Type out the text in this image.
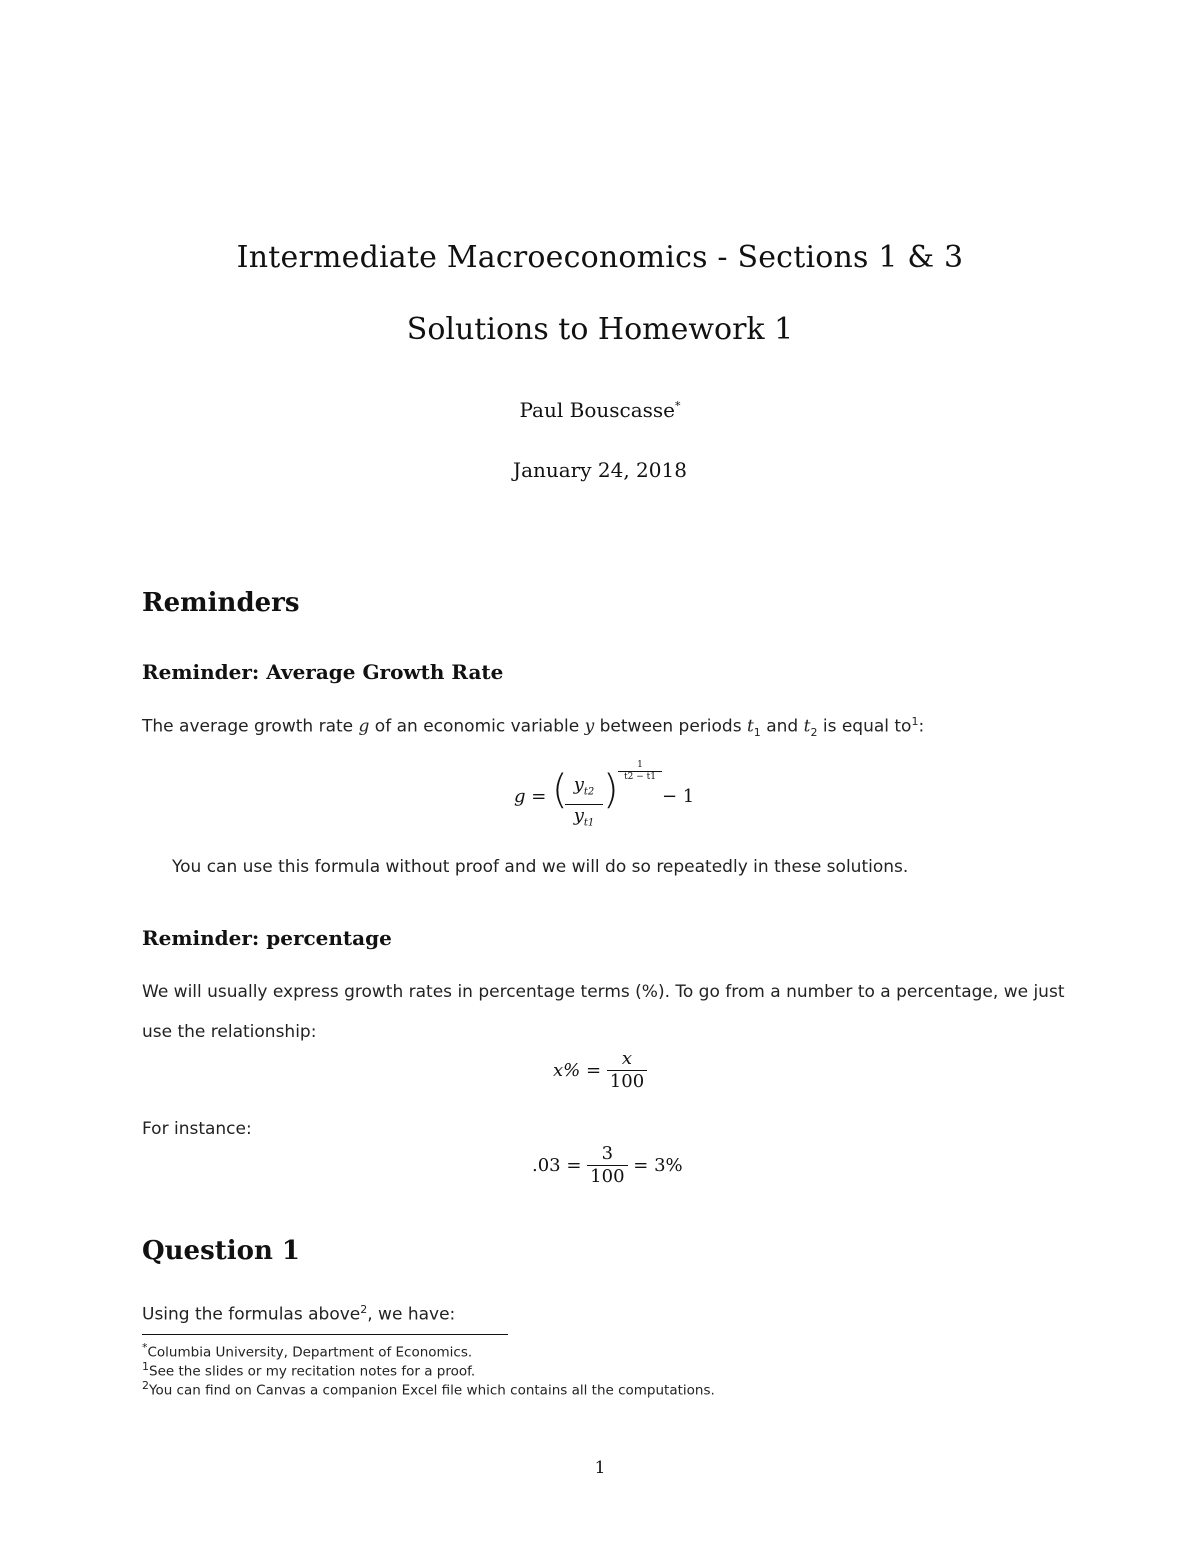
Intermediate Macroeconomics - Sections 1 & 3
Solutions to Homework 1
Paul Bouscasse*
January 24, 2018
Reminders
Reminder: Average Growth Rate
The average growth rate g of an economic variable y between periods $t_1$ and $t_2$ is equal $to^1$:
g = ( $y_{t2}$
$y_{t1}$
) $\frac{1}{t2 - t1}$
− 1
You can use this formula without proof and we will do so repeatedly in these solutions.
Reminder: percentage
We will usually express growth rates in percentage terms (%). To go from a number to a percentage, we just
use the relationship:
$x\% = \frac{x}{100}$
For instance:
$.03 = \frac{3}{100} = 3\%$
Question 1
Using the formulas above$^2$, we have:
*Columbia University, Department of Economics.
$^1$See the slides or my recitation notes for a proof.
$^2$You can find on Canvas a companion Excel file which contains all the computations.
1
